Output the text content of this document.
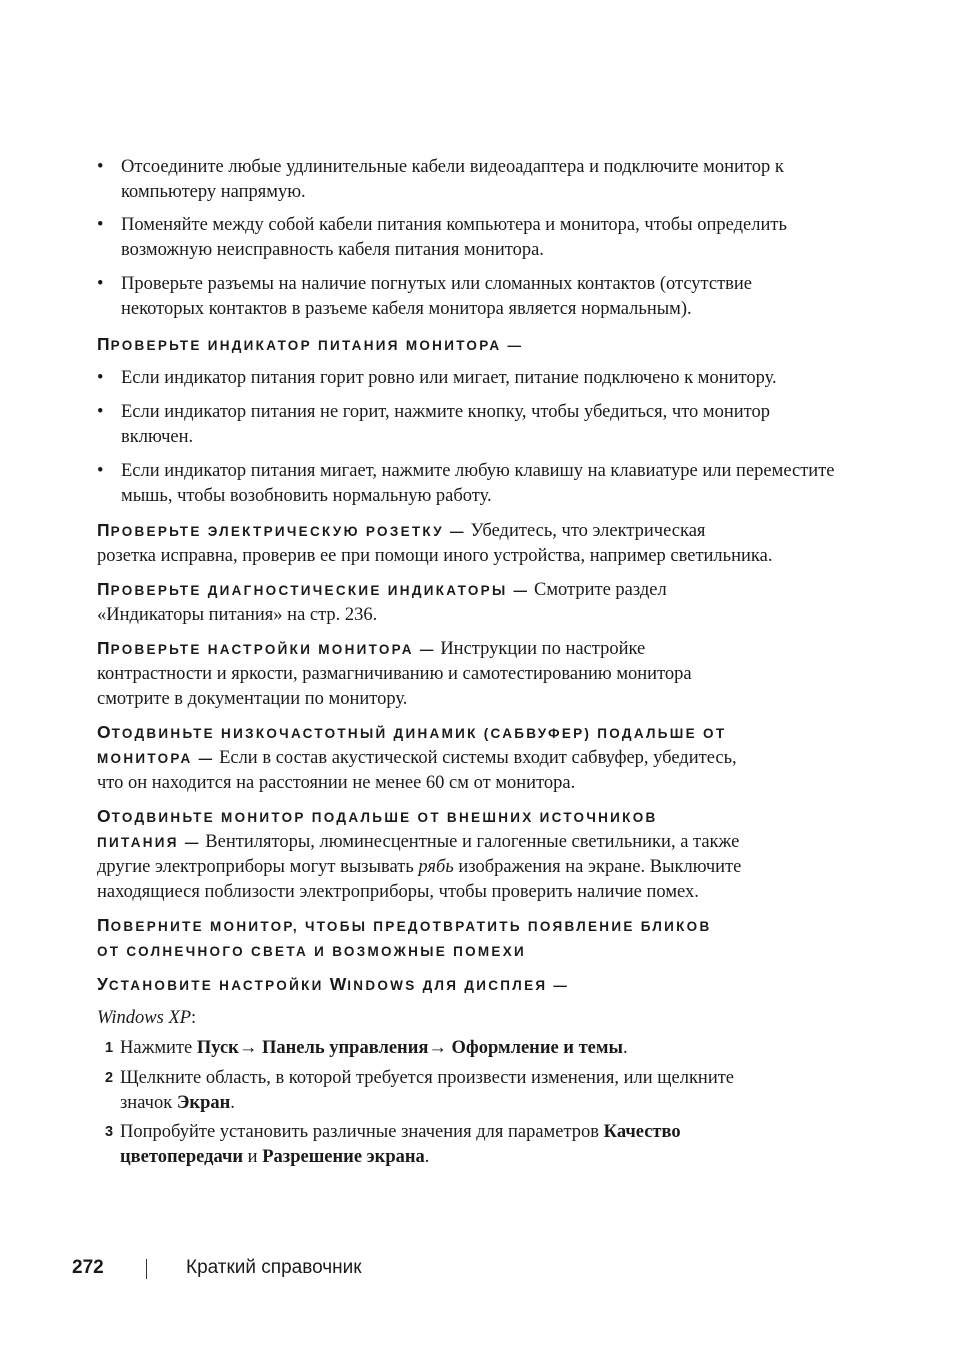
• Отсоедините любые удлинительные кабели видеоадаптера и подключите монитор к компьютеру напрямую.
• Поменяйте между собой кабели питания компьютера и монитора, чтобы определить возможную неисправность кабеля питания монитора.
• Проверьте разъемы на наличие погнутых или сломанных контактов (отсутствие некоторых контактов в разъеме кабеля монитора является нормальным).
ПРОВЕРЬТЕ ИНДИКАТОР ПИТАНИЯ МОНИТОРА —
• Если индикатор питания горит ровно или мигает, питание подключено к монитору.
• Если индикатор питания не горит, нажмите кнопку, чтобы убедиться, что монитор включен.
• Если индикатор питания мигает, нажмите любую клавишу на клавиатуре или переместите мышь, чтобы возобновить нормальную работу.
ПРОВЕРЬТЕ ЭЛЕКТРИЧЕСКУЮ РОЗЕТКУ — Убедитесь, что электрическая
розетка исправна, проверив ее при помощи иного устройства, например светильника.
ПРОВЕРЬТЕ ДИАГНОСТИЧЕСКИЕ ИНДИКАТОРЫ — Смотрите раздел
«Индикаторы питания» на стр. 236.
ПРОВЕРЬТЕ НАСТРОЙКИ МОНИТОРА — Инструкции по настройке
контрастности и яркости, размагничиванию и самотестированию монитора
смотрите в документации по монитору.
ОТОДВИНЬТЕ НИЗКОЧАСТОТНЫЙ ДИНАМИК (САБВУФЕР) ПОДАЛЬШЕ ОТ
МОНИТОРА — Если в состав акустической системы входит сабвуфер, убедитесь,
что он находится на расстоянии не менее 60 см от монитора.
ОТОДВИНЬТЕ МОНИТОР ПОДАЛЬШЕ ОТ ВНЕШНИХ ИСТОЧНИКОВ
ПИТАНИЯ — Вентиляторы, люминесцентные и галогенные светильники, а также
другие электроприборы могут вызывать рябь изображения на экране. Выключите
находящиеся поблизости электроприборы, чтобы проверить наличие помех.
ПОВЕРНИТЕ МОНИТОР, ЧТОБЫ ПРЕДОТВРАТИТЬ ПОЯВЛЕНИЕ БЛИКОВ
ОТ СОЛНЕЧНОГО СВЕТА И ВОЗМОЖНЫЕ ПОМЕХИ
УСТАНОВИТЕ НАСТРОЙКИ WINDOWS ДЛЯ ДИСПЛЕЯ —
Windows XP:
1 Нажмите Пуск→ Панель управления→ Оформление и темы.
2 Щелкните область, в которой требуется произвести изменения, или щелкните
значок Экран.
3 Попробуйте установить различные значения для параметров Качество
цветопередачи и Разрешение экрана.
272	Краткий справочник
